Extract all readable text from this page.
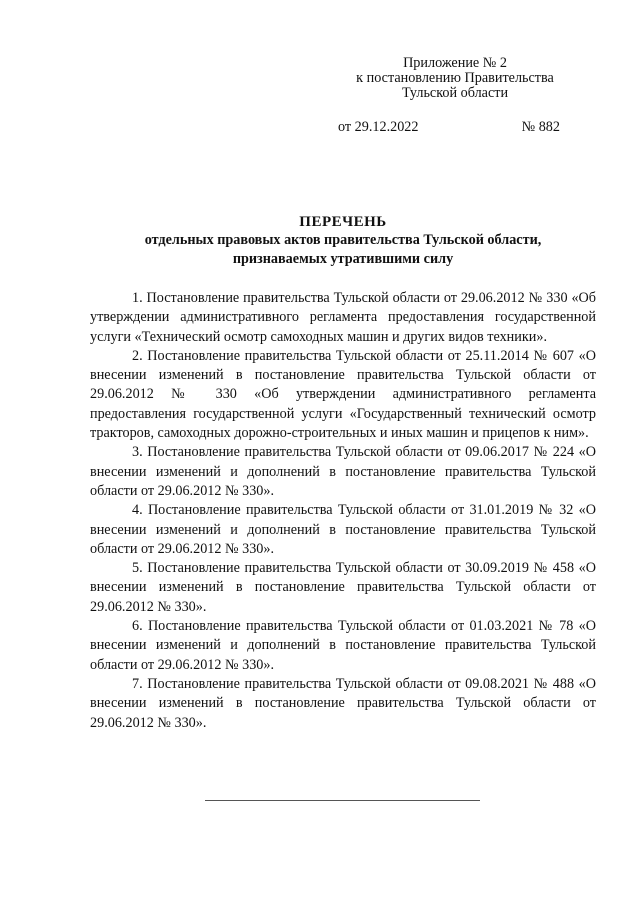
Приложение № 2
к постановлению Правительства
Тульской области
от 29.12.2022	№ 882
ПЕРЕЧЕНЬ
отдельных правовых актов правительства Тульской области,
признаваемых утратившими силу

1. Постановление правительства Тульской области от 29.06.2012 № 330 «Об утверждении административного регламента предоставления государственной услуги «Технический осмотр самоходных машин и других видов техники».

2. Постановление правительства Тульской области от 25.11.2014 № 607 «О внесении изменений в постановление правительства Тульской области от 29.06.2012 № 330 «Об утверждении административного регламента предоставления государственной услуги «Государственный технический осмотр тракторов, самоходных дорожно-строительных и иных машин и прицепов к ним».

3. Постановление правительства Тульской области от 09.06.2017 № 224 «О внесении изменений и дополнений в постановление правительства Тульской области от 29.06.2012 № 330».

4. Постановление правительства Тульской области от 31.01.2019 № 32 «О внесении изменений и дополнений в постановление правительства Тульской области от 29.06.2012 № 330».

5. Постановление правительства Тульской области от 30.09.2019 № 458 «О внесении изменений в постановление правительства Тульской области от 29.06.2012 № 330».

6. Постановление правительства Тульской области от 01.03.2021 № 78 «О внесении изменений и дополнений в постановление правительства Тульской области от 29.06.2012 № 330».

7. Постановление правительства Тульской области от 09.08.2021 № 488 «О внесении изменений в постановление правительства Тульской области от 29.06.2012 № 330».
